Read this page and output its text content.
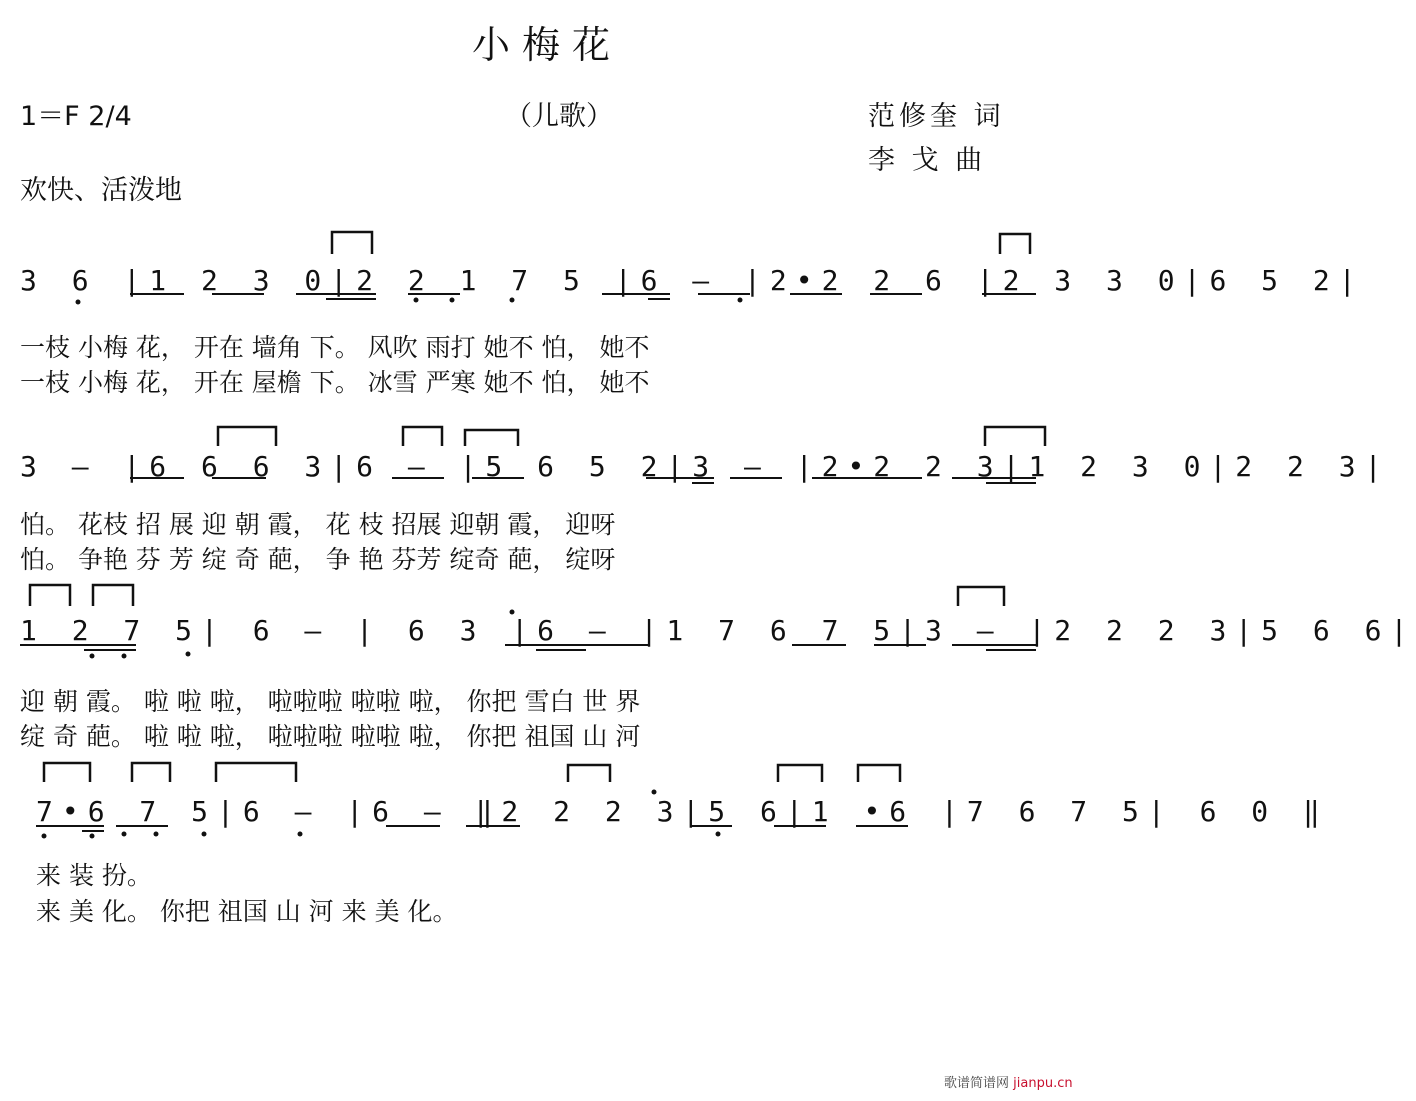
小梅花
1＝F 2/4	（儿歌）	范修奎 词
李 戈 曲
欢快、活泼地
3 6 |1 2 3 0|2 2 1 7 5 |6 – |2•2 2 6 |2 3 3 0|6 5 2|
一枝 小梅 花， 开在 墙角 下。 风吹 雨打 她不 怕， 她不
一枝 小梅 花， 开在 屋檐 下。 冰雪 严寒 她不 怕， 她不
3 – |6 6 6 3|6 – |5 6 5 2|3 – |2•2 2 3|1 2 3 0|2 2 3|
怕。 花枝 招 展 迎 朝 霞， 花 枝 招展 迎朝 霞， 迎呀
怕。 争艳 芬 芳 绽 奇 葩， 争 艳 芬芳 绽奇 葩， 绽呀
1 2 7 5| 6 – | 6 3 |6 – |1 7 6 7 5|3 – |2 2 2 3|5 6 6|
迎 朝 霞。 啦 啦 啦， 啦啦啦 啦啦 啦， 你把 雪白 世 界
绽 奇 葩。 啦 啦 啦， 啦啦啦 啦啦 啦， 你把 祖国 山 河
7•6 7 5|6 – |6 – ‖2 2 2 3|5 6|1 •6 |7 6 7 5| 6 0 ‖
来 装 扮。
来 美 化。 你把 祖国 山 河 来 美 化。
歌谱简谱网 jianpu.cn
